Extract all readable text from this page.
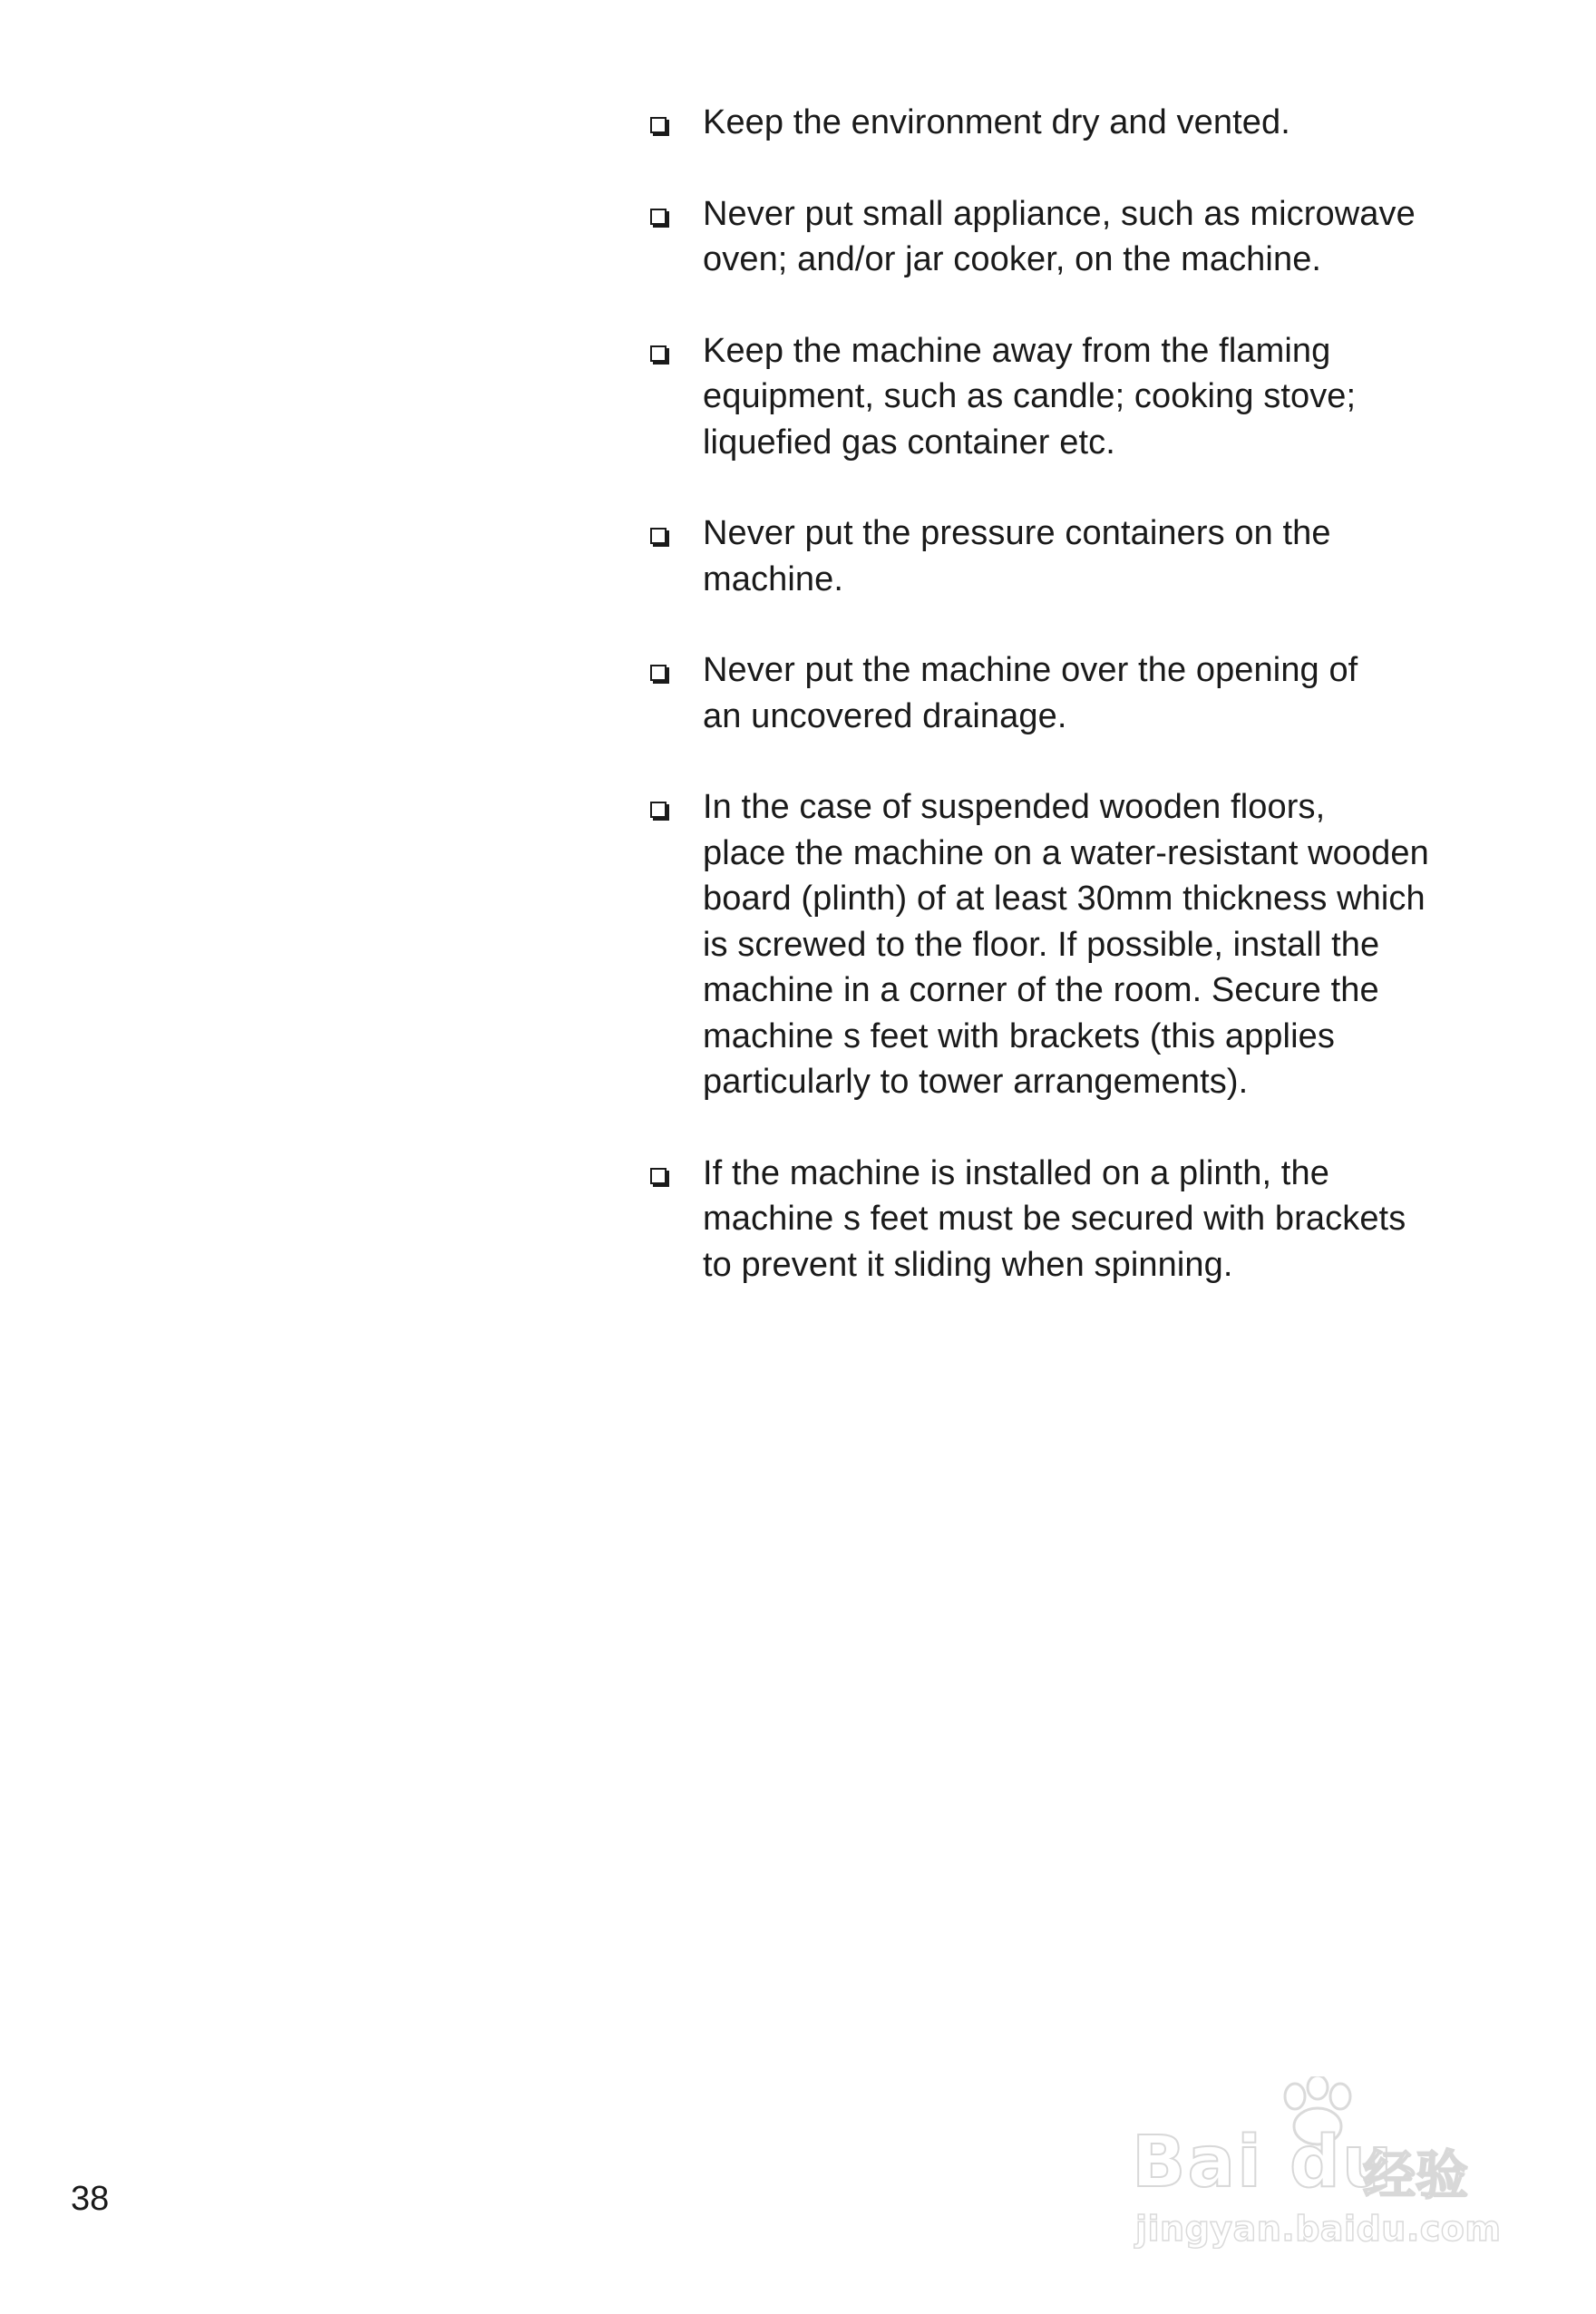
Keep the environment dry and vented.
Never put small appliance, such as microwave
oven; and/or jar cooker, on the machine.
Keep the machine away from the flaming
equipment, such as candle; cooking stove;
liquefied gas container etc.
Never put the pressure containers on the
machine.
Never put the machine over the opening of
an uncovered drainage.
In the case of suspended wooden floors,
place the machine on a water-resistant wooden
board (plinth) of at least 30mm thickness which
is screwed to the floor. If possible, install the
machine in a corner of the room. Secure the
machine s feet with brackets (this applies
particularly to tower arrangements).
If the machine is installed on a plinth, the
machine s feet must be secured with brackets
to prevent it sliding when spinning.
38	Bai du
经验
jingyan.baidu.com
